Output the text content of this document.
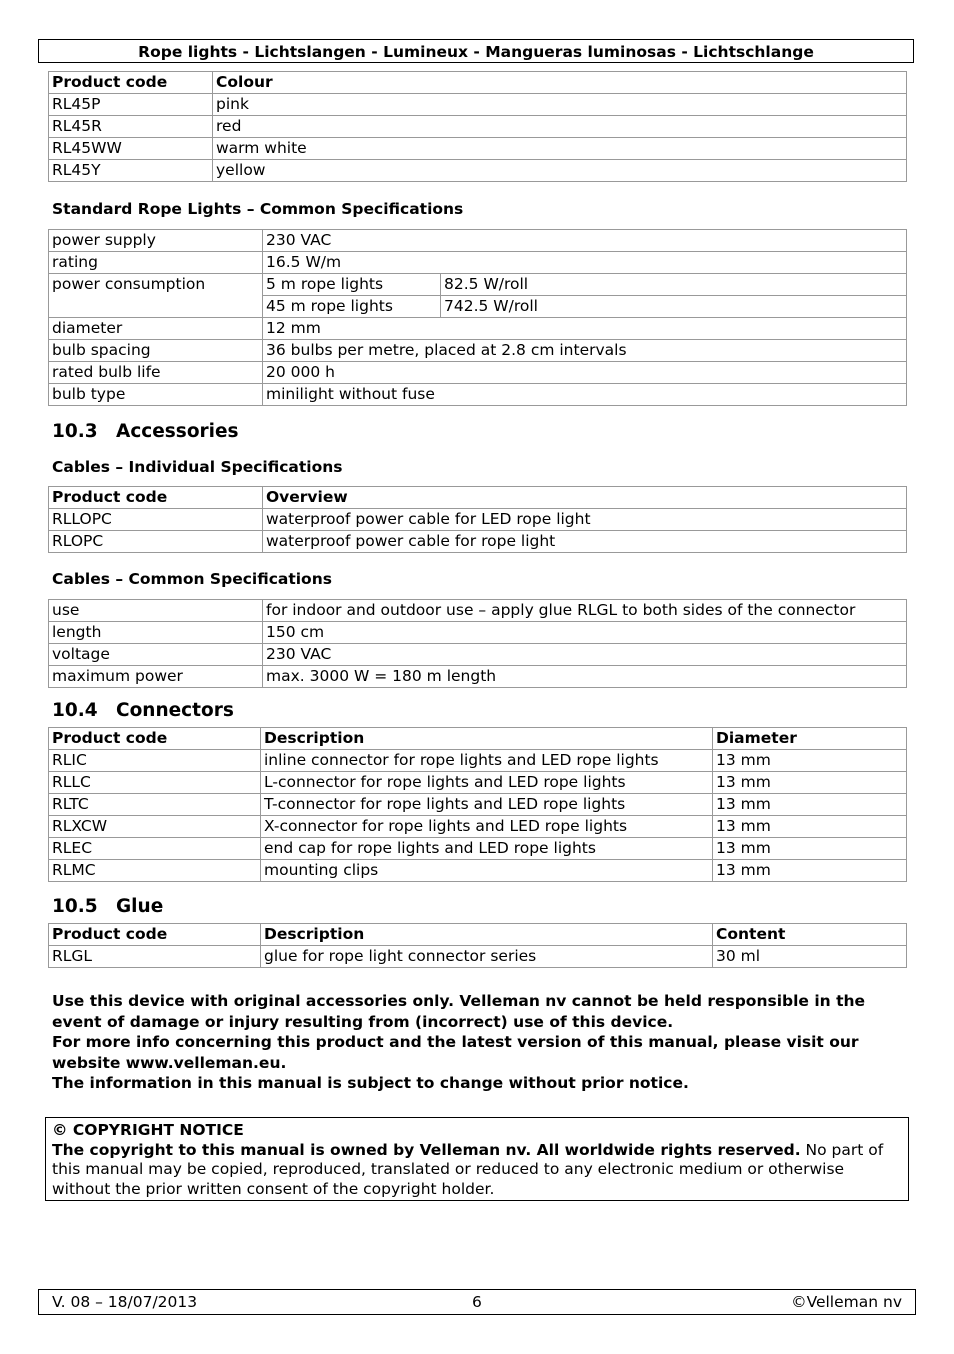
Rope lights - Lichtslangen - Lumineux - Mangueras luminosas - Lichtschlange
Product code	Colour
RL45P	pink
RL45R	red
RL45WW	warm white
RL45Y	yellow
Standard Rope Lights – Common Specifications
power supply	230 VAC	
rating	16.5 W/m	
power consumption	5 m rope lights	82.5 W/roll
	45 m rope lights	742.5 W/roll
diameter	12 mm	
bulb spacing	36 bulbs per metre, placed at 2.8 cm intervals	
rated bulb life	20 000 h	
bulb type	minilight without fuse	
10.3 Accessories
Cables – Individual Specifications
Product code	Overview
RLLOPC	waterproof power cable for LED rope light
RLOPC	waterproof power cable for rope light
Cables – Common Specifications
use	for indoor and outdoor use – apply glue RLGL to both sides of the connector
length	150 cm
voltage	230 VAC
maximum power	max. 3000 W = 180 m length
10.4 Connectors
Product code	Description	Diameter
RLIC	inline connector for rope lights and LED rope lights	13 mm
RLLC	L-connector for rope lights and LED rope lights	13 mm
RLTC	T-connector for rope lights and LED rope lights	13 mm
RLXCW	X-connector for rope lights and LED rope lights	13 mm
RLEC	end cap for rope lights and LED rope lights	13 mm
RLMC	mounting clips	13 mm
10.5 Glue
Product code	Description	Content
RLGL	glue for rope light connector series	30 ml

Use this device with original accessories only. Velleman nv cannot be held responsible in the event of damage or injury resulting from (incorrect) use of this device.

For more info concerning this product and the latest version of this manual, please visit our website www.velleman.eu.

The information in this manual is subject to change without prior notice.

© COPYRIGHT NOTICE
The copyright to this manual is owned by Velleman nv. All worldwide rights reserved. No part of this manual may be copied, reproduced, translated or reduced to any electronic medium or otherwise without the prior written consent of the copyright holder.
V. 08 – 18/07/2013	6	©Velleman nv
